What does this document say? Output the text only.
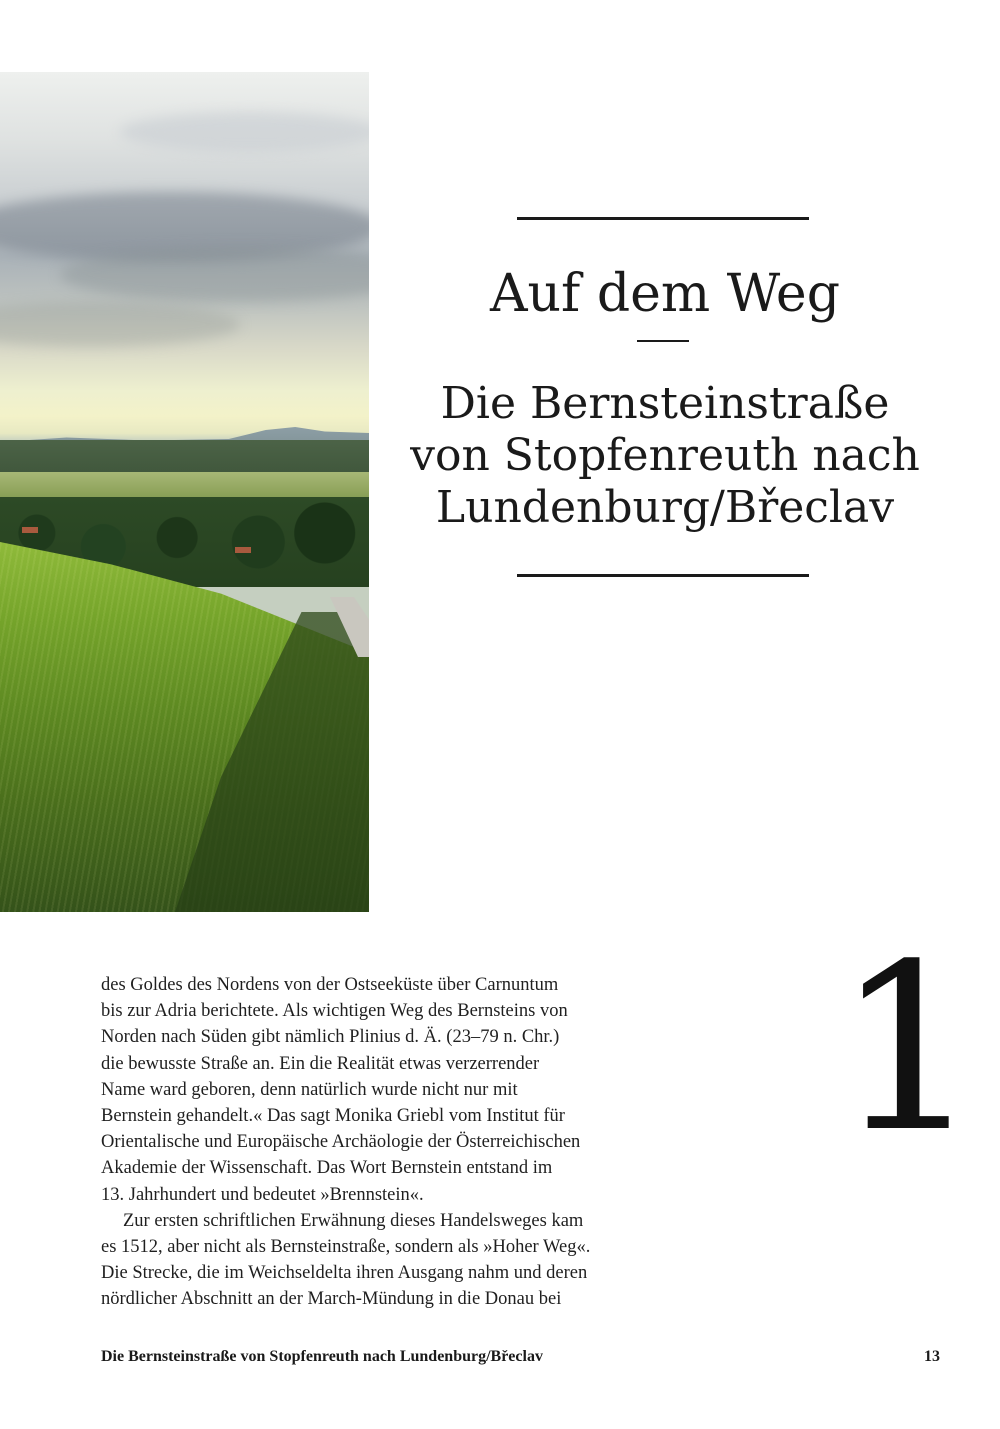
Auf dem Weg
Die Bernsteinstraße
von Stopfenreuth nach
Lundenburg/Břeclav
1
des Goldes des Nordens von der Ostseeküste über Carnuntum
bis zur Adria berichtete. Als wichtigen Weg des Bernsteins von
Norden nach Süden gibt nämlich Plinius d. Ä. (23–79 n. Chr.)
die bewusste Straße an. Ein die Realität etwas verzerrender
Name ward geboren, denn natürlich wurde nicht nur mit
Bernstein gehandelt.« Das sagt Monika Griebl vom Institut für
Orientalische und Europäische Archäologie der Österreichischen
Akademie der Wissenschaft. Das Wort Bernstein entstand im
13. Jahrhundert und bedeutet »Brennstein«.
Zur ersten schriftlichen Erwähnung dieses Handelsweges kam
es 1512, aber nicht als Bernsteinstraße, sondern als »Hoher Weg«.
Die Strecke, die im Weichseldelta ihren Ausgang nahm und deren
nördlicher Abschnitt an der March-Mündung in die Donau bei
Die Bernsteinstraße von Stopfenreuth nach Lundenburg/Břeclav	13
